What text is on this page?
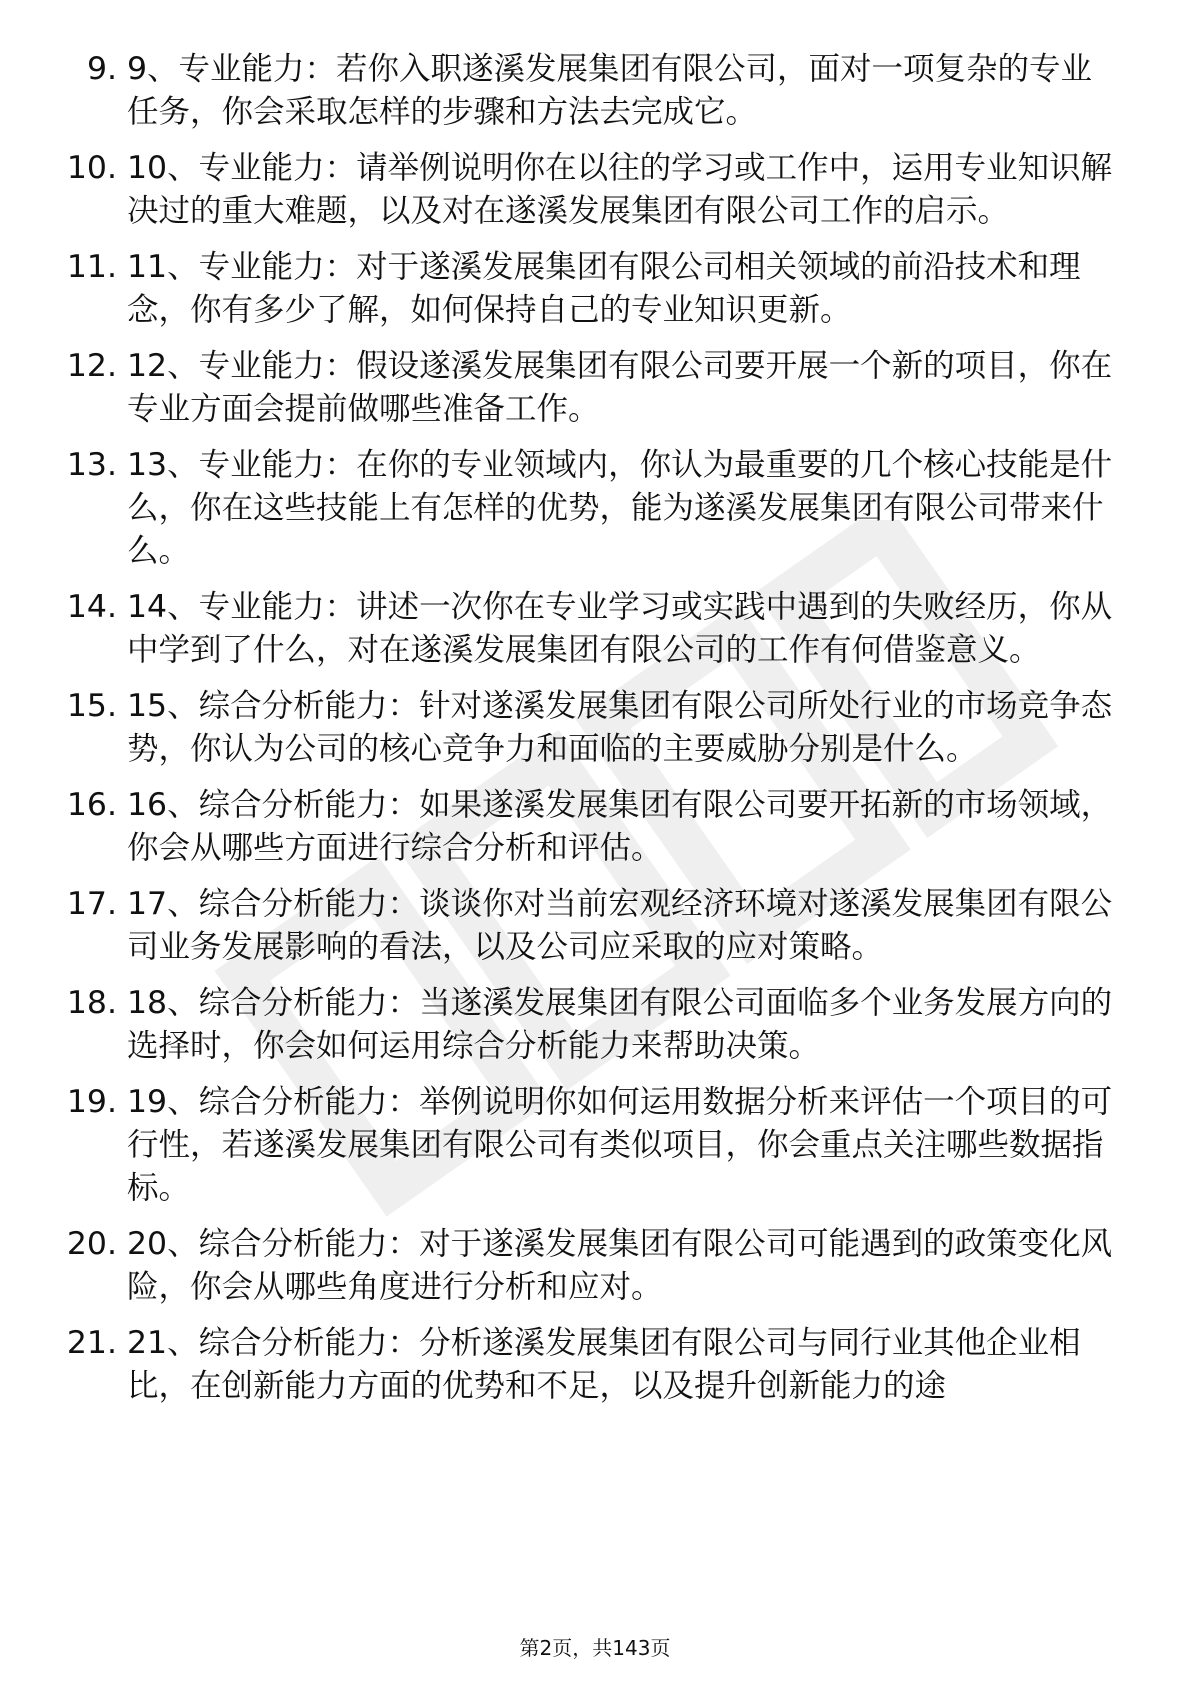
9. 9、专业能力：若你入职遂溪发展集团有限公司，面对一项复杂的专业任务，你会采取怎样的步骤和方法去完成它。
10. 10、专业能力：请举例说明你在以往的学习或工作中，运用专业知识解决过的重大难题，以及对在遂溪发展集团有限公司工作的启示。
11. 11、专业能力：对于遂溪发展集团有限公司相关领域的前沿技术和理念，你有多少了解，如何保持自己的专业知识更新。
12. 12、专业能力：假设遂溪发展集团有限公司要开展一个新的项目，你在专业方面会提前做哪些准备工作。
13. 13、专业能力：在你的专业领域内，你认为最重要的几个核心技能是什么，你在这些技能上有怎样的优势，能为遂溪发展集团有限公司带来什么。
14. 14、专业能力：讲述一次你在专业学习或实践中遇到的失败经历，你从中学到了什么，对在遂溪发展集团有限公司的工作有何借鉴意义。
15. 15、综合分析能力：针对遂溪发展集团有限公司所处行业的市场竞争态势，你认为公司的核心竞争力和面临的主要威胁分别是什么。
16. 16、综合分析能力：如果遂溪发展集团有限公司要开拓新的市场领域，你会从哪些方面进行综合分析和评估。
17. 17、综合分析能力：谈谈你对当前宏观经济环境对遂溪发展集团有限公司业务发展影响的看法，以及公司应采取的应对策略。
18. 18、综合分析能力：当遂溪发展集团有限公司面临多个业务发展方向的选择时，你会如何运用综合分析能力来帮助决策。
19. 19、综合分析能力：举例说明你如何运用数据分析来评估一个项目的可行性，若遂溪发展集团有限公司有类似项目，你会重点关注哪些数据指标。
20. 20、综合分析能力：对于遂溪发展集团有限公司可能遇到的政策变化风险，你会从哪些角度进行分析和应对。
21. 21、综合分析能力：分析遂溪发展集团有限公司与同行业其他企业相比，在创新能力方面的优势和不足，以及提升创新能力的途
第2页，共143页
